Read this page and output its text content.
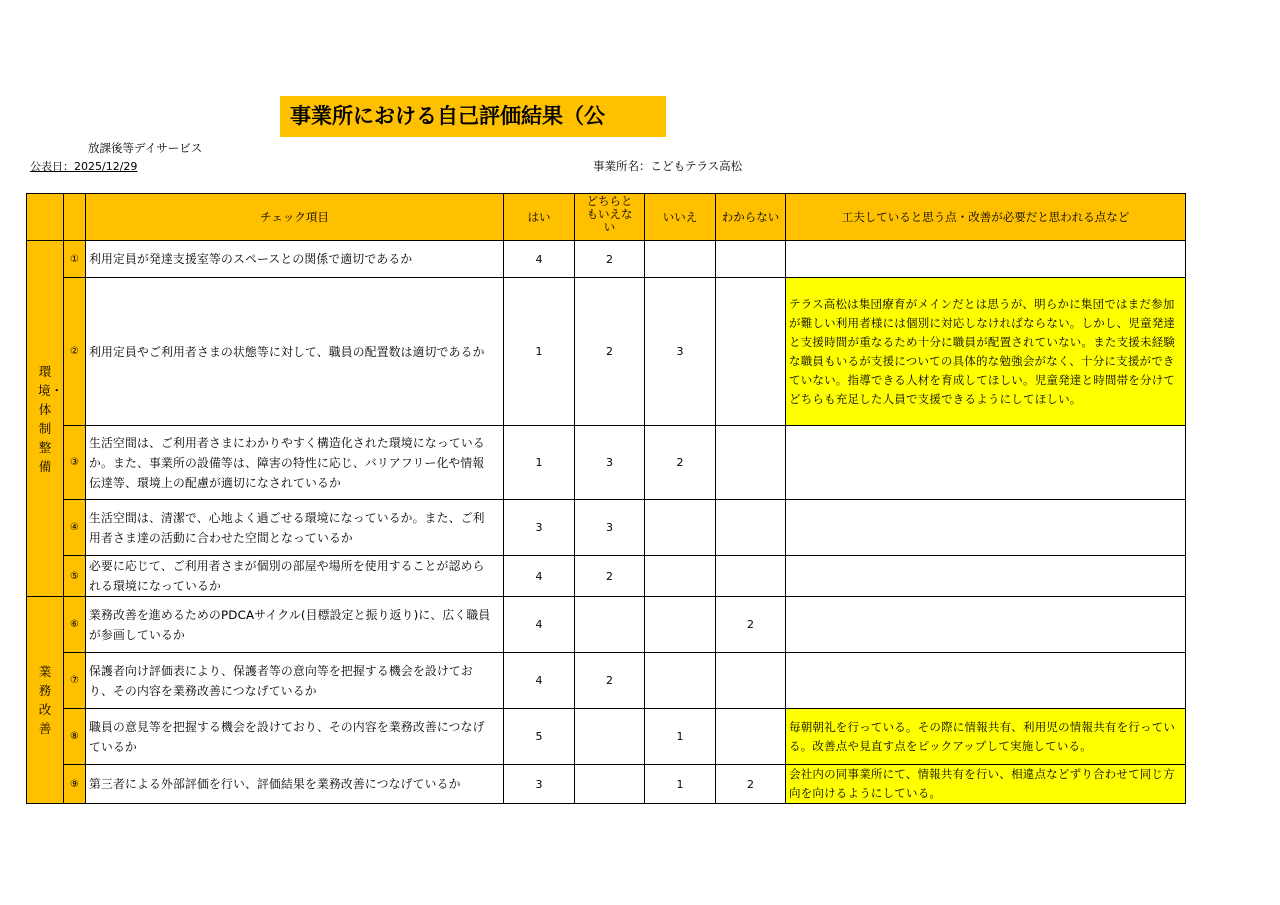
事業所における自己評価結果（公
放課後等デイサービス
公表日：2025/12/29	事業所名：こどもテラス高松
		チェック項目	はい	どちらともいえない	いいえ	わからない	工夫していると思う点・改善が必要だと思われる点など
環境・体制整備	①	利用定員が発達支援室等のスペースとの関係で適切であるか	4	2			
	②	利用定員やご利用者さまの状態等に対して、職員の配置数は適切であるか	1	2	3		テラス高松は集団療育がメインだとは思うが、明らかに集団ではまだ参加が難しい利用者様には個別に対応しなければならない。しかし、児童発達と支援時間が重なるため十分に職員が配置されていない。また支援未経験な職員もいるが支援についての具体的な勉強会がなく、十分に支援ができていない。指導できる人材を育成してほしい。児童発達と時間帯を分けてどちらも充足した人員で支援できるようにしてほしい。
	③	生活空間は、ご利用者さまにわかりやすく構造化された環境になっているか。また、事業所の設備等は、障害の特性に応じ、バリアフリー化や情報伝達等、環境上の配慮が適切になされているか	1	3	2		
	④	生活空間は、清潔で、心地よく過ごせる環境になっているか。また、ご利用者さま達の活動に合わせた空間となっているか	3	3			
	⑤	必要に応じて、ご利用者さまが個別の部屋や場所を使用することが認められる環境になっているか	4	2			
業務改善	⑥	業務改善を進めるためのPDCAサイクル(目標設定と振り返り)に、広く職員が参画しているか	4			2	
	⑦	保護者向け評価表により、保護者等の意向等を把握する機会を設けており、その内容を業務改善につなげているか	4	2			
	⑧	職員の意見等を把握する機会を設けており、その内容を業務改善につなげているか	5		1		毎朝朝礼を行っている。その際に情報共有、利用児の情報共有を行っている。改善点や見直す点をピックアップして実施している。
	⑨	第三者による外部評価を行い、評価結果を業務改善につなげているか	3		1	2	会社内の同事業所にて、情報共有を行い、相違点などずり合わせて同じ方向を向けるようにしている。
